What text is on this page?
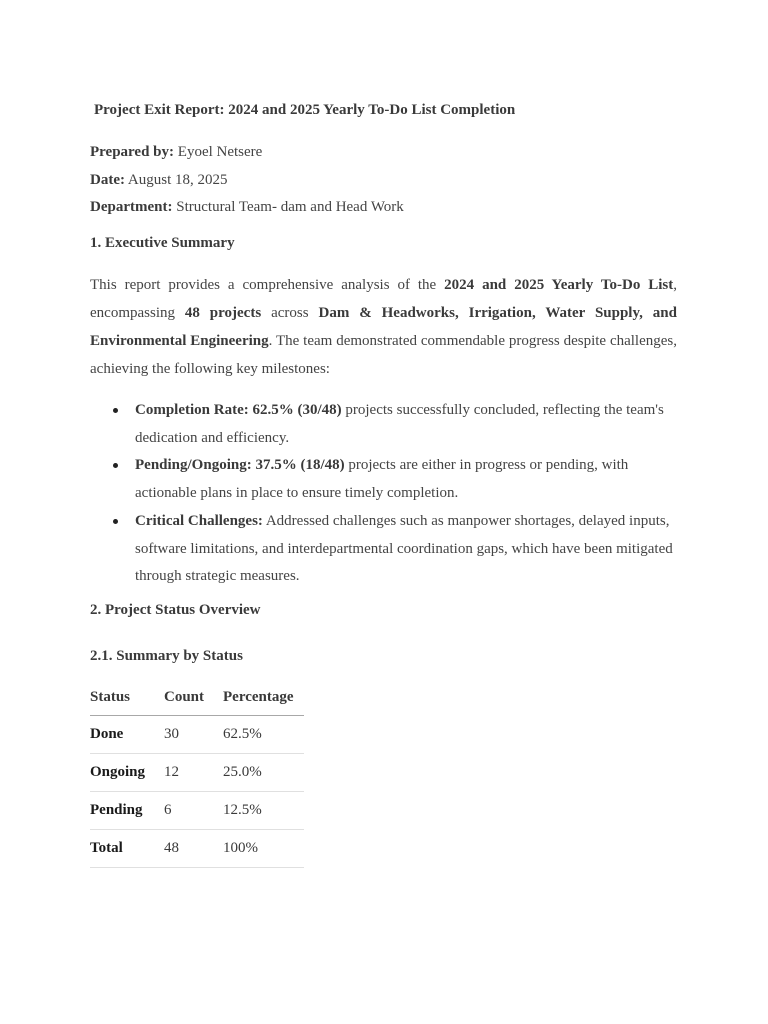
Project Exit Report: 2024 and 2025 Yearly To-Do List Completion
Prepared by: Eyoel Netsere
Date: August 18, 2025
Department: Structural Team- dam and Head Work
1. Executive Summary
This report provides a comprehensive analysis of the 2024 and 2025 Yearly To-Do List, encompassing 48 projects across Dam & Headworks, Irrigation, Water Supply, and Environmental Engineering. The team demonstrated commendable progress despite challenges, achieving the following key milestones:
Completion Rate: 62.5% (30/48) projects successfully concluded, reflecting the team's dedication and efficiency.
Pending/Ongoing: 37.5% (18/48) projects are either in progress or pending, with actionable plans in place to ensure timely completion.
Critical Challenges: Addressed challenges such as manpower shortages, delayed inputs, software limitations, and interdepartmental coordination gaps, which have been mitigated through strategic measures.
2. Project Status Overview
2.1. Summary by Status
Status	Count	Percentage
Done	30	62.5%
Ongoing	12	25.0%
Pending	6	12.5%
Total	48	100%
